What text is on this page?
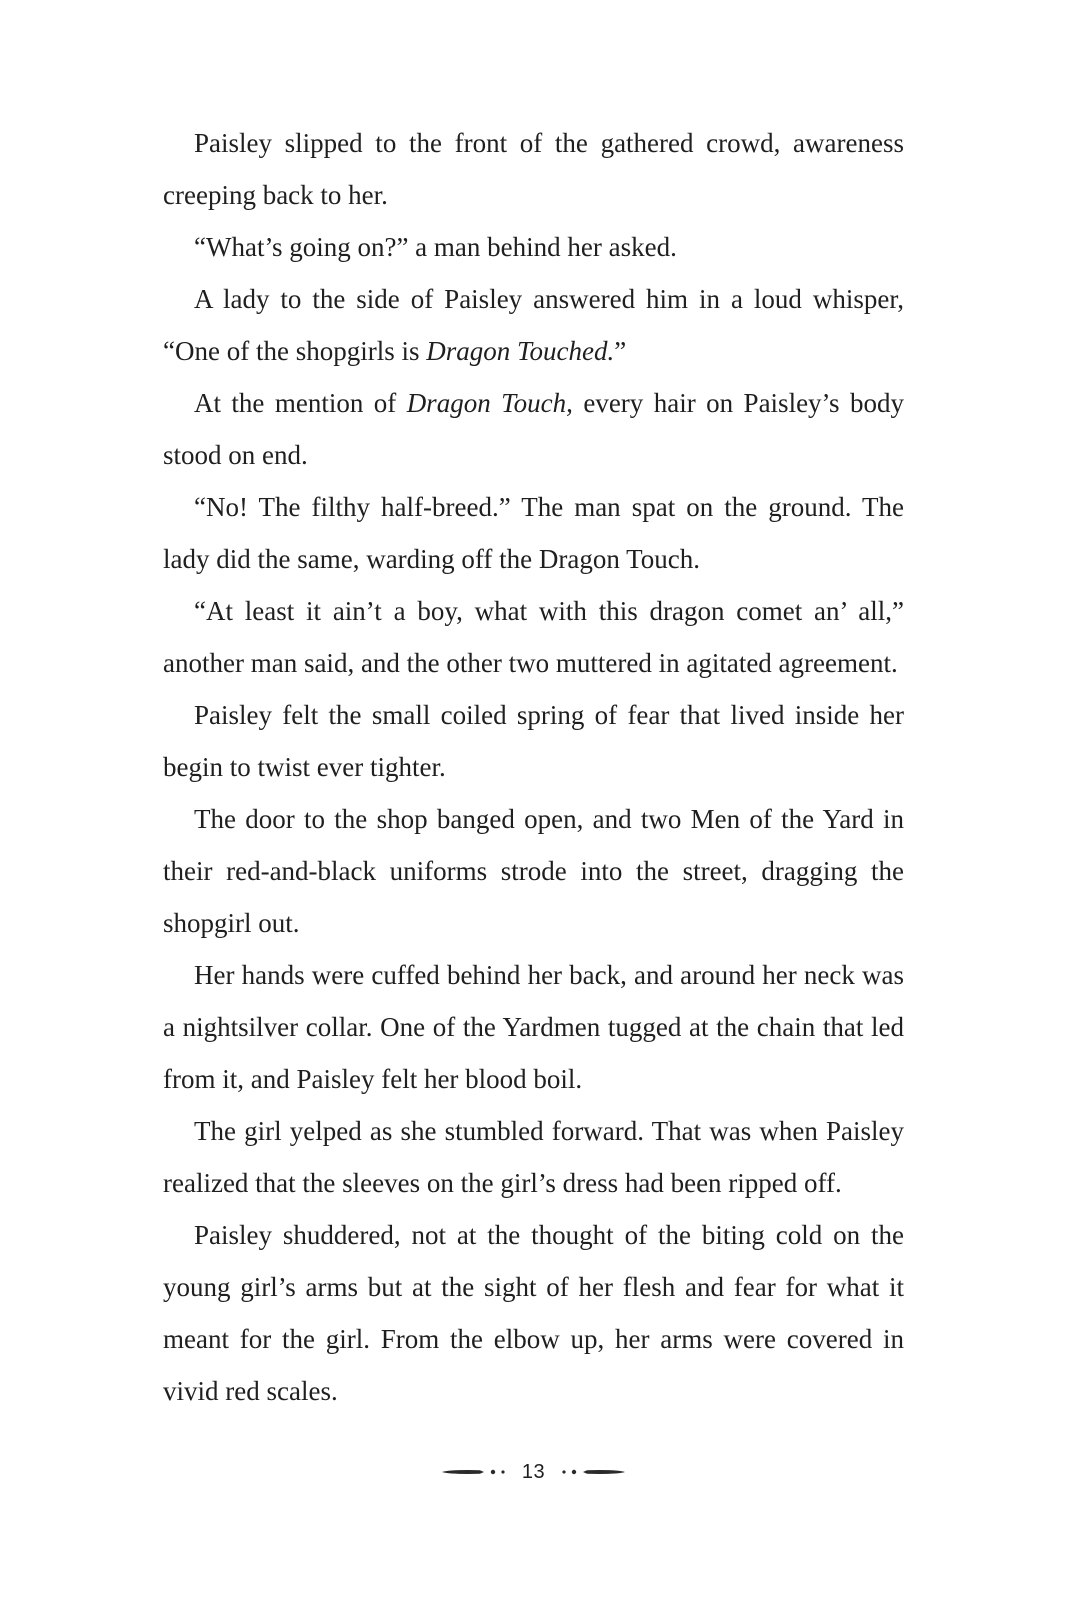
Paisley slipped to the front of the gathered crowd, awareness creeping back to her.

“What’s going on?” a man behind her asked.

A lady to the side of Paisley answered him in a loud whisper, “One of the shopgirls is Dragon Touched.”

At the mention of Dragon Touch, every hair on Paisley’s body stood on end.

“No! The filthy half-breed.” The man spat on the ground. The lady did the same, warding off the Dragon Touch.

“At least it ain’t a boy, what with this dragon comet an’ all,” another man said, and the other two muttered in agitated agreement.

Paisley felt the small coiled spring of fear that lived inside her begin to twist ever tighter.

The door to the shop banged open, and two Men of the Yard in their red-and-black uniforms strode into the street, dragging the shopgirl out.

Her hands were cuffed behind her back, and around her neck was a nightsilver collar. One of the Yardmen tugged at the chain that led from it, and Paisley felt her blood boil.

The girl yelped as she stumbled forward. That was when Paisley realized that the sleeves on the girl’s dress had been ripped off.

Paisley shuddered, not at the thought of the biting cold on the young girl’s arms but at the sight of her flesh and fear for what it meant for the girl. From the elbow up, her arms were covered in vivid red scales.

13
